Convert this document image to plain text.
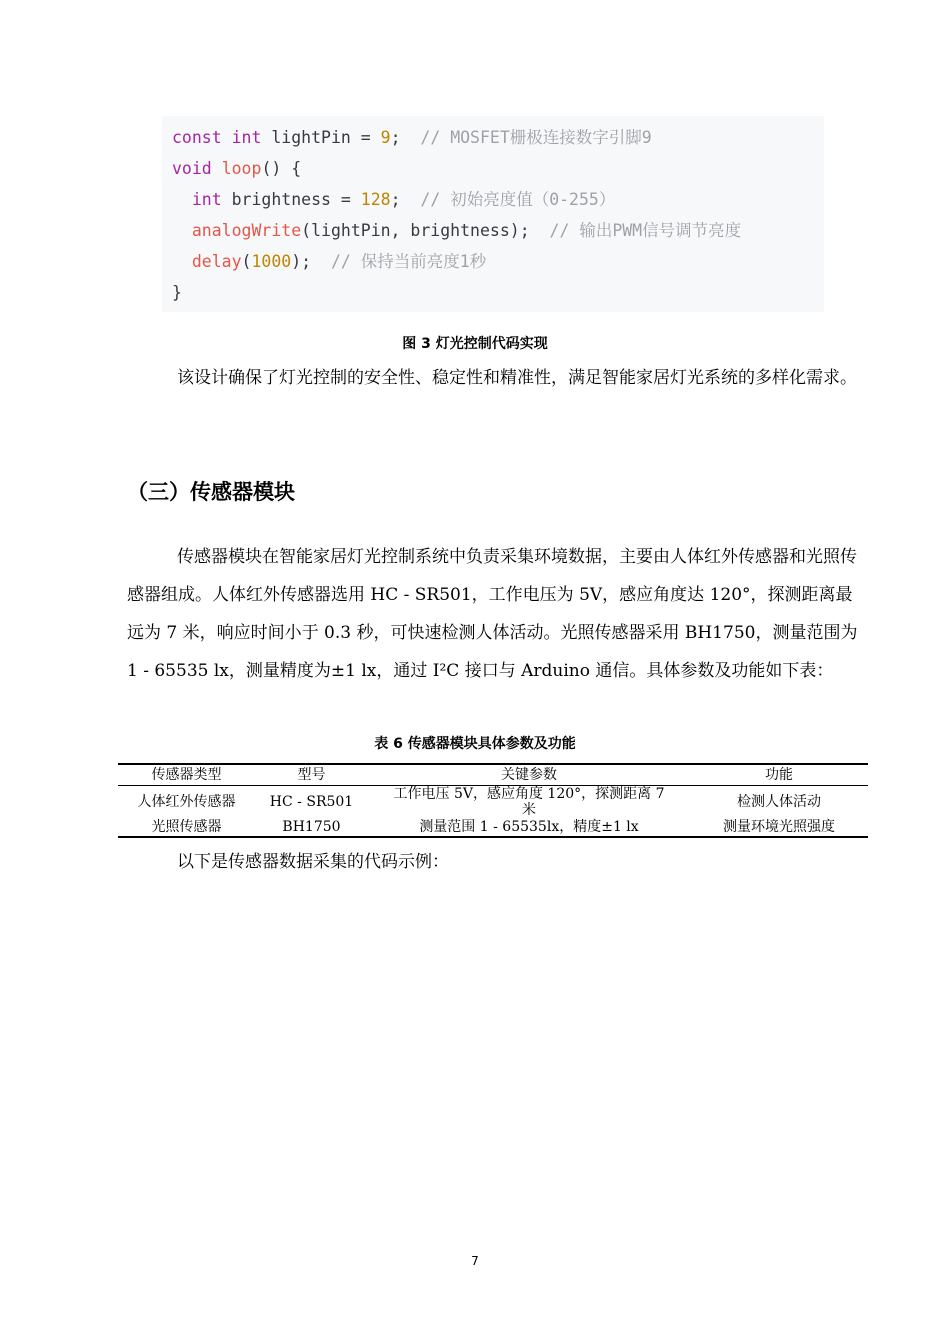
const int lightPin = 9;  // MOSFET栅极连接数字引脚9
void loop() {
int brightness = 128;  // 初始亮度值（0-255）
analogWrite(lightPin, brightness);  // 输出PWM信号调节亮度
delay(1000);  // 保持当前亮度1秒
}
图 3 灯光控制代码实现
该设计确保了灯光控制的安全性、稳定性和精准性，满足智能家居灯光系统的多样化需求。
（三）传感器模块
传感器模块在智能家居灯光控制系统中负责采集环境数据，主要由人体红外传感器和光照传感器组成。人体红外传感器选用 HC - SR501，工作电压为 5V，感应角度达 120°，探测距离最远为 7 米，响应时间小于 0.3 秒，可快速检测人体活动。光照传感器采用 BH1750，测量范围为 1 - 65535 lx，测量精度为±1 lx，通过 I²C 接口与 Arduino 通信。具体参数及功能如下表：
表 6 传感器模块具体参数及功能
传感器类型	型号	关键参数	功能
人体红外传感器	HC - SR501	工作电压 5V，感应角度 120°，探测距离 7 米	检测人体活动
光照传感器	BH1750	测量范围 1 - 65535lx，精度±1 lx	测量环境光照强度
以下是传感器数据采集的代码示例：
7
